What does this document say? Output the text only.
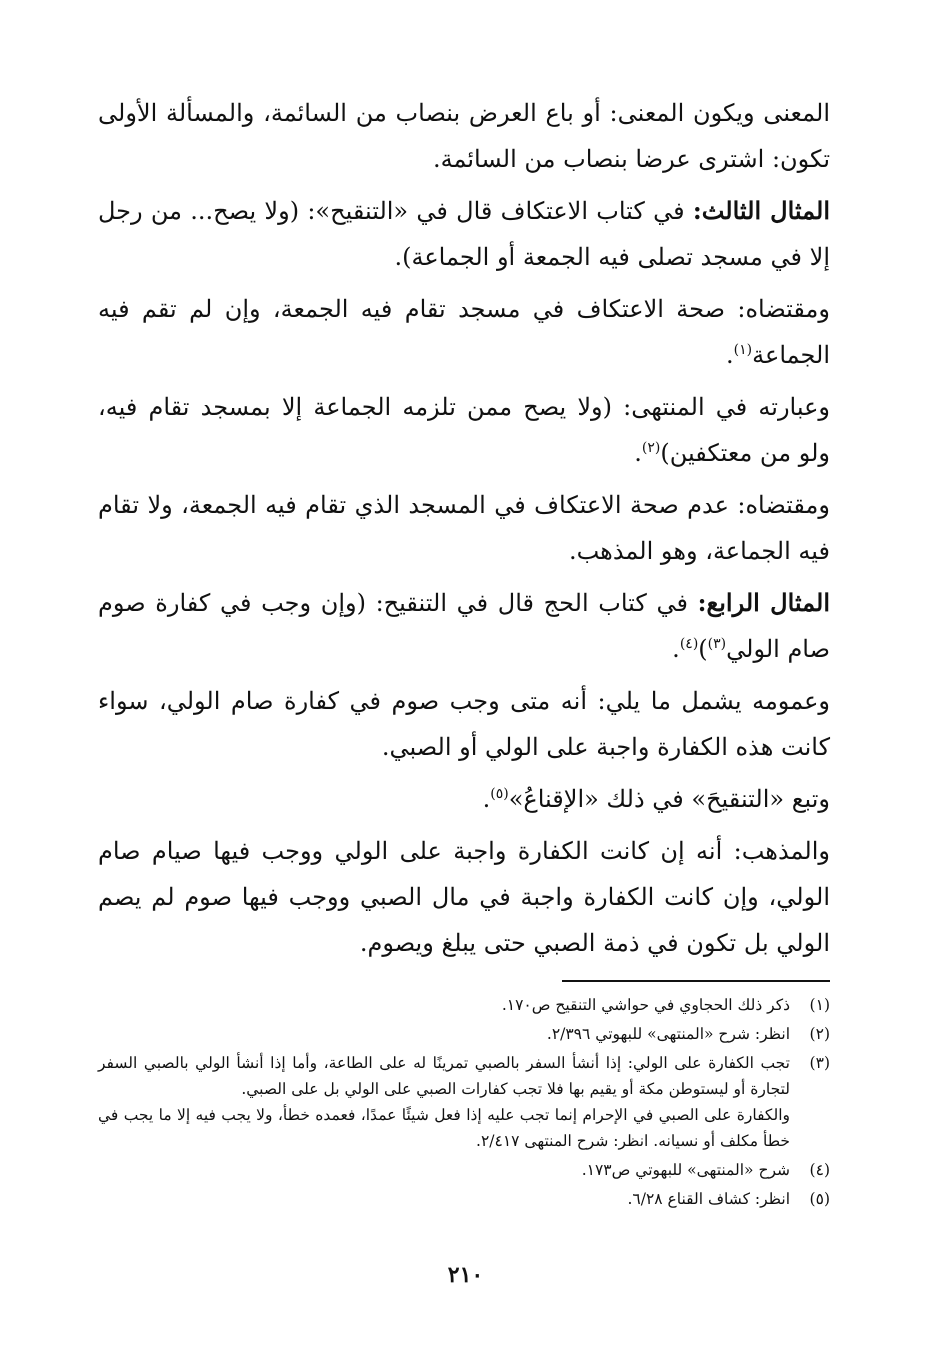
المعنى ويكون المعنى: أو باع العرض بنصاب من السائمة، والمسألة الأولى تكون: اشترى عرضا بنصاب من السائمة.

المثال الثالث: في كتاب الاعتكاف قال في «التنقيح»: (ولا يصح... من رجل إلا في مسجد تصلى فيه الجمعة أو الجماعة).

ومقتضاه: صحة الاعتكاف في مسجد تقام فيه الجمعة، وإن لم تقم فيه الجماعة$^{(١)}$.

وعبارته في المنتهى: (ولا يصح ممن تلزمه الجماعة إلا بمسجد تقام فيه، ولو من معتكفين)$^{(٢)}$.

ومقتضاه: عدم صحة الاعتكاف في المسجد الذي تقام فيه الجمعة، ولا تقام فيه الجماعة، وهو المذهب.

المثال الرابع: في كتاب الحج قال في التنقيح: (وإن وجب في كفارة صوم صام الولي$^{(٣)}$)$^{(٤)}$.

وعمومه يشمل ما يلي: أنه متى وجب صوم في كفارة صام الولي، سواء كانت هذه الكفارة واجبة على الولي أو الصبي.

وتبع «التنقيحَ» في ذلك «الإقناعُ»$^{(٥)}$.

والمذهب: أنه إن كانت الكفارة واجبة على الولي ووجب فيها صيام صام الولي، وإن كانت الكفارة واجبة في مال الصبي ووجب فيها صوم لم يصم الولي بل تكون في ذمة الصبي حتى يبلغ ويصوم.

(١)
ذكر ذلك الحجاوي في حواشي التنقيح ص١٧٠.
(٢)
انظر: شرح «المنتهى» للبهوتي ٢/٣٩٦.
(٣)
تجب الكفارة على الولي: إذا أنشأ السفر بالصبي تمرينًا له على الطاعة، وأما إذا أنشأ الولي بالصبي السفر لتجارة أو ليستوطن مكة أو يقيم بها فلا تجب كفارات الصبي على الولي بل على الصبي.
والكفارة على الصبي في الإحرام إنما تجب عليه إذا فعل شيئًا عمدًا، فعمده خطأ، ولا يجب فيه إلا ما يجب في خطأ مكلف أو نسيانه. انظر: شرح المنتهى ٢/٤١٧.
(٤)
شرح «المنتهى» للبهوتي ص١٧٣.
(٥)
انظر: كشاف القناع ٦/٢٨.
٢١٠
